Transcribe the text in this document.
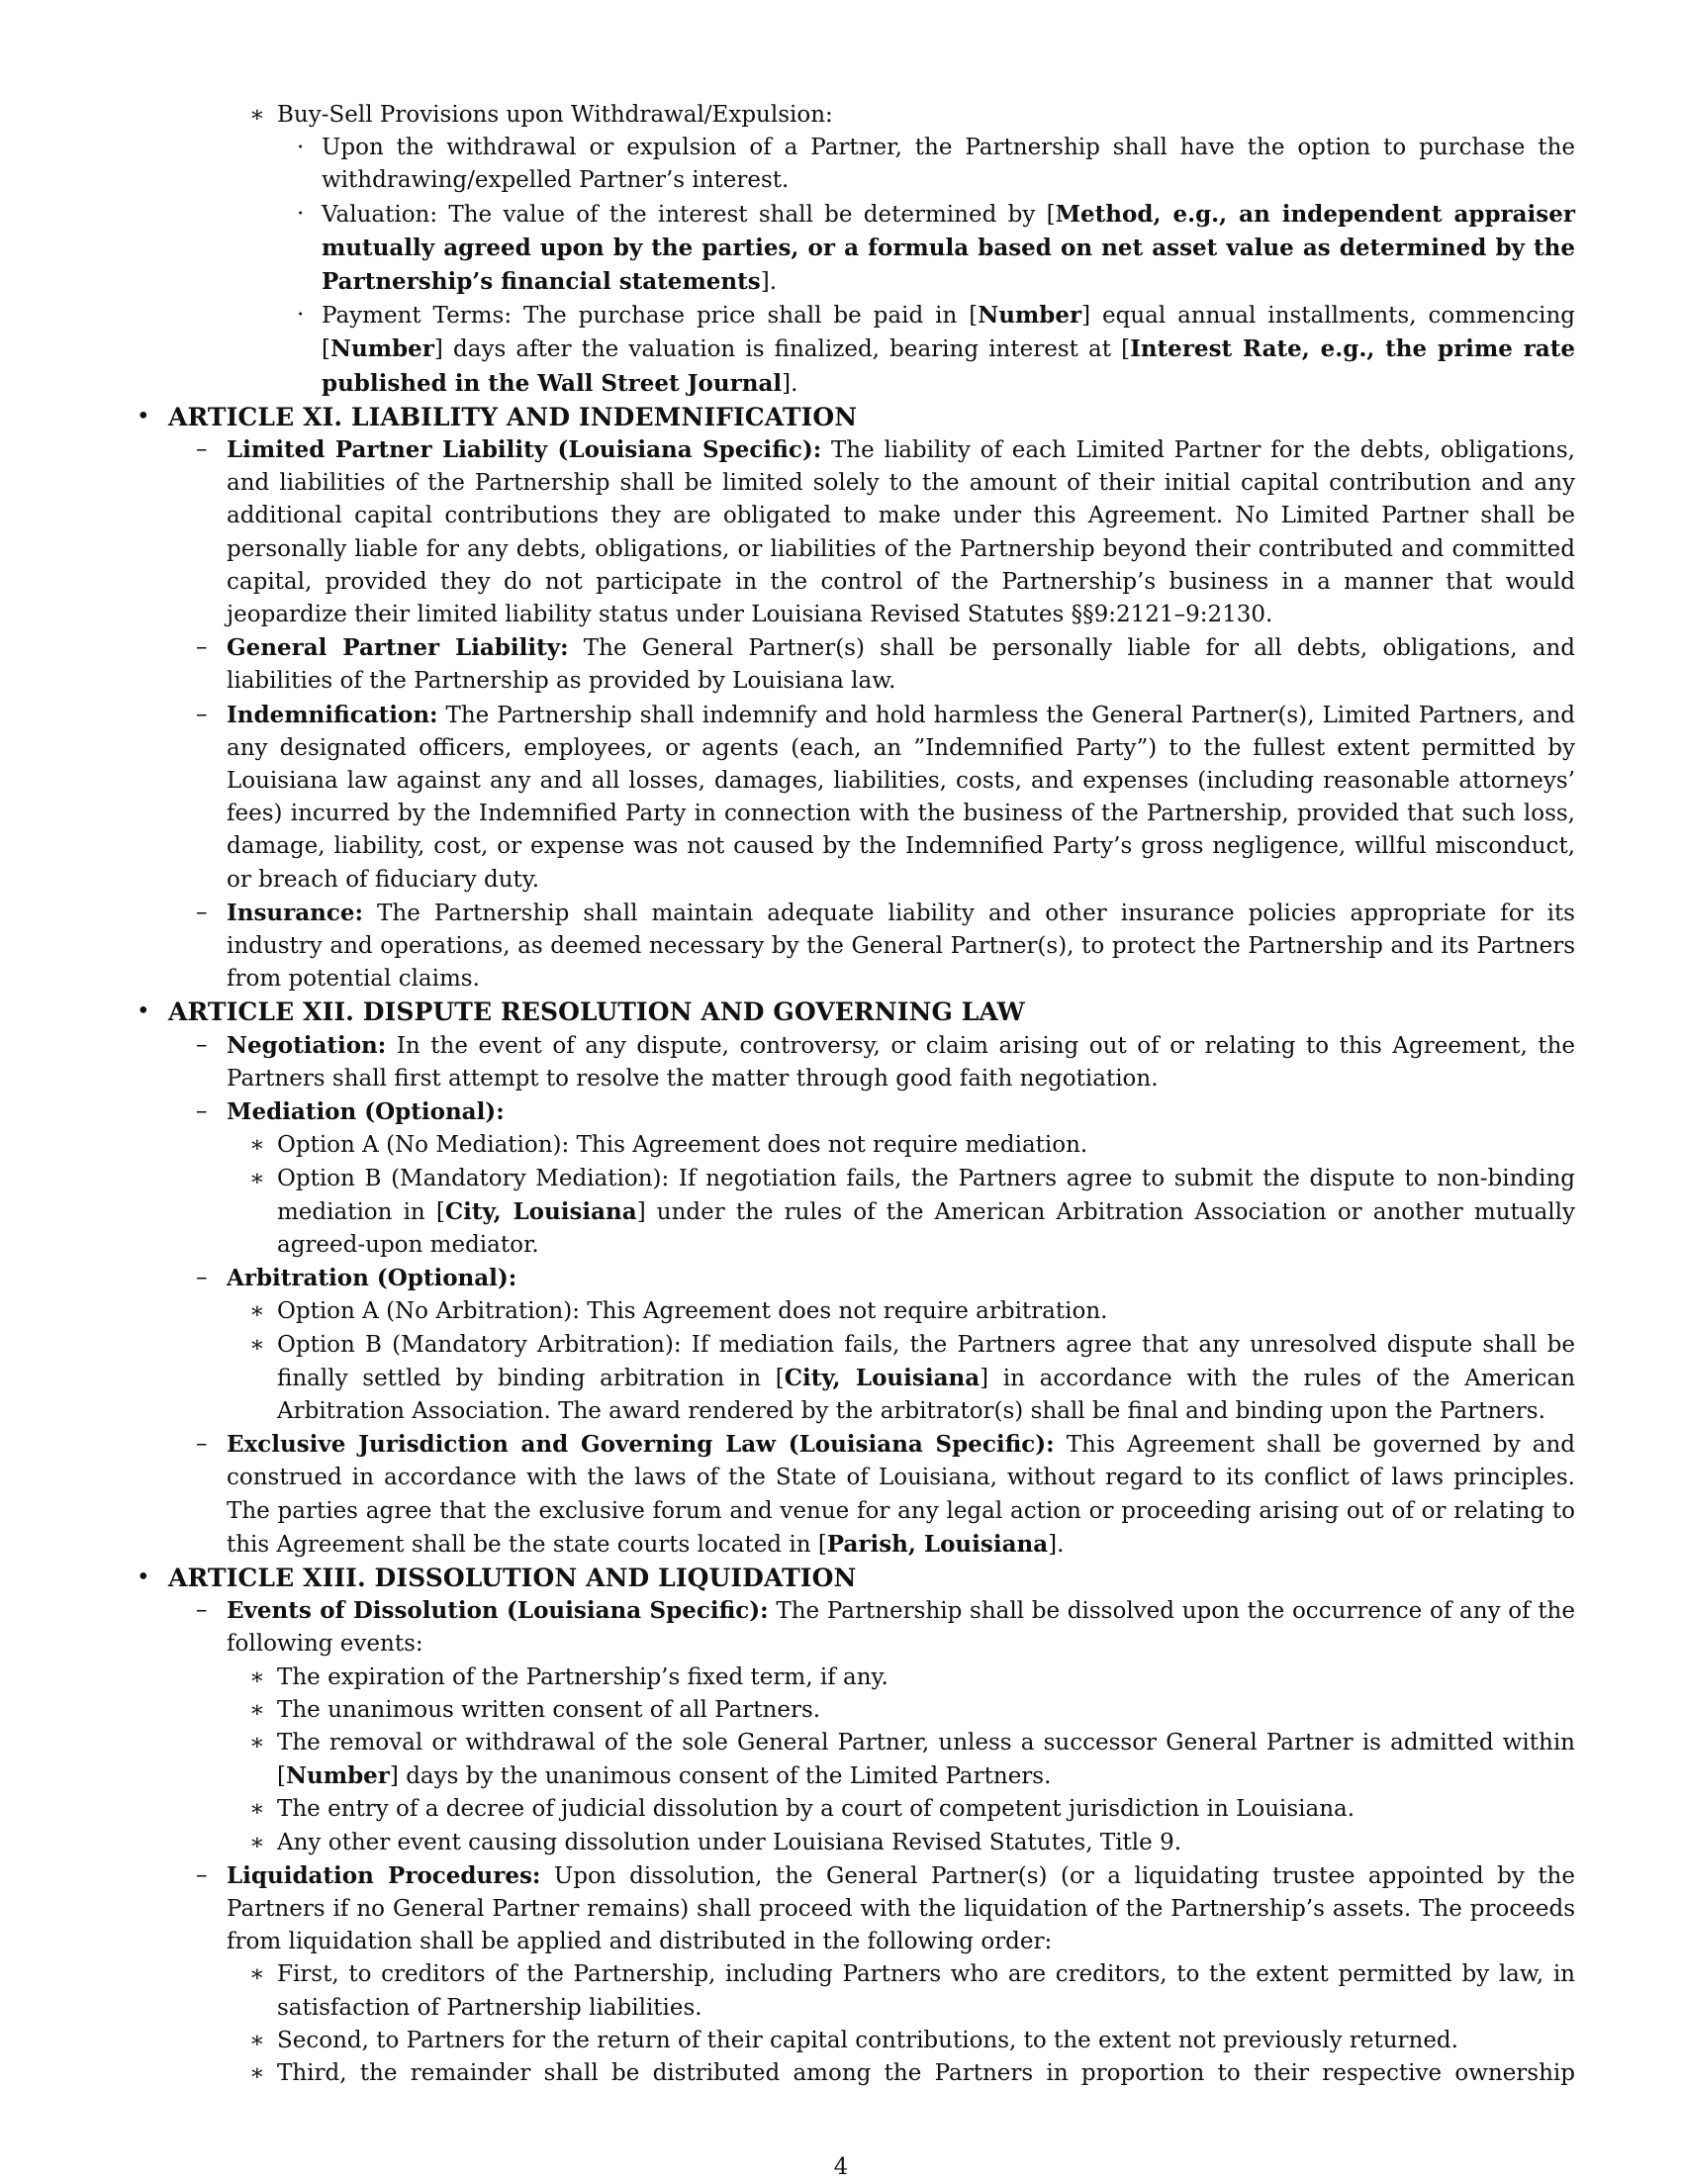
∗ Buy-Sell Provisions upon Withdrawal/Expulsion:

· Upon the withdrawal or expulsion of a Partner, the Partnership shall have the option to purchase the withdrawing/expelled Partner’s interest.

· Valuation: The value of the interest shall be determined by [Method, e.g., an independent appraiser mutually agreed upon by the parties, or a formula based on net asset value as determined by the Partnership’s financial statements].

· Payment Terms: The purchase price shall be paid in [Number] equal annual installments, commencing [Number] days after the valuation is finalized, bearing interest at [Interest Rate, e.g., the prime rate published in the Wall Street Journal].

• ARTICLE XI. LIABILITY AND INDEMNIFICATION

– Limited Partner Liability (Louisiana Specific): The liability of each Limited Partner for the debts, obligations, and liabilities of the Partnership shall be limited solely to the amount of their initial capital contribution and any additional capital contributions they are obligated to make under this Agreement. No Limited Partner shall be personally liable for any debts, obligations, or liabilities of the Partnership beyond their contributed and committed capital, provided they do not participate in the control of the Partnership’s business in a manner that would jeopardize their limited liability status under Louisiana Revised Statutes §§9:2121–9:2130.

– General Partner Liability: The General Partner(s) shall be personally liable for all debts, obligations, and liabilities of the Partnership as provided by Louisiana law.

– Indemnification: The Partnership shall indemnify and hold harmless the General Partner(s), Limited Partners, and any designated officers, employees, or agents (each, an ”Indemnified Party”) to the fullest extent permitted by Louisiana law against any and all losses, damages, liabilities, costs, and expenses (including reasonable attorneys’ fees) incurred by the Indemnified Party in connection with the business of the Partnership, provided that such loss, damage, liability, cost, or expense was not caused by the Indemnified Party’s gross negligence, willful misconduct, or breach of fiduciary duty.

– Insurance: The Partnership shall maintain adequate liability and other insurance policies appropriate for its industry and operations, as deemed necessary by the General Partner(s), to protect the Partnership and its Partners from potential claims.

• ARTICLE XII. DISPUTE RESOLUTION AND GOVERNING LAW

– Negotiation: In the event of any dispute, controversy, or claim arising out of or relating to this Agreement, the Partners shall first attempt to resolve the matter through good faith negotiation.

– Mediation (Optional):

∗ Option A (No Mediation): This Agreement does not require mediation.

∗ Option B (Mandatory Mediation): If negotiation fails, the Partners agree to submit the dispute to non-binding mediation in [City, Louisiana] under the rules of the American Arbitration Association or another mutually agreed-upon mediator.

– Arbitration (Optional):

∗ Option A (No Arbitration): This Agreement does not require arbitration.

∗ Option B (Mandatory Arbitration): If mediation fails, the Partners agree that any unresolved dispute shall be finally settled by binding arbitration in [City, Louisiana] in accordance with the rules of the American Arbitration Association. The award rendered by the arbitrator(s) shall be final and binding upon the Partners.

– Exclusive Jurisdiction and Governing Law (Louisiana Specific): This Agreement shall be governed by and construed in accordance with the laws of the State of Louisiana, without regard to its conflict of laws principles. The parties agree that the exclusive forum and venue for any legal action or proceeding arising out of or relating to this Agreement shall be the state courts located in [Parish, Louisiana].

• ARTICLE XIII. DISSOLUTION AND LIQUIDATION

– Events of Dissolution (Louisiana Specific): The Partnership shall be dissolved upon the occurrence of any of the following events:

∗ The expiration of the Partnership’s fixed term, if any.

∗ The unanimous written consent of all Partners.

∗ The removal or withdrawal of the sole General Partner, unless a successor General Partner is admitted within [Number] days by the unanimous consent of the Limited Partners.

∗ The entry of a decree of judicial dissolution by a court of competent jurisdiction in Louisiana.

∗ Any other event causing dissolution under Louisiana Revised Statutes, Title 9.

– Liquidation Procedures: Upon dissolution, the General Partner(s) (or a liquidating trustee appointed by the Partners if no General Partner remains) shall proceed with the liquidation of the Partnership’s assets. The proceeds from liquidation shall be applied and distributed in the following order:

∗ First, to creditors of the Partnership, including Partners who are creditors, to the extent permitted by law, in satisfaction of Partnership liabilities.

∗ Second, to Partners for the return of their capital contributions, to the extent not previously returned.

∗ Third, the remainder shall be distributed among the Partners in proportion to their respective ownership

4
